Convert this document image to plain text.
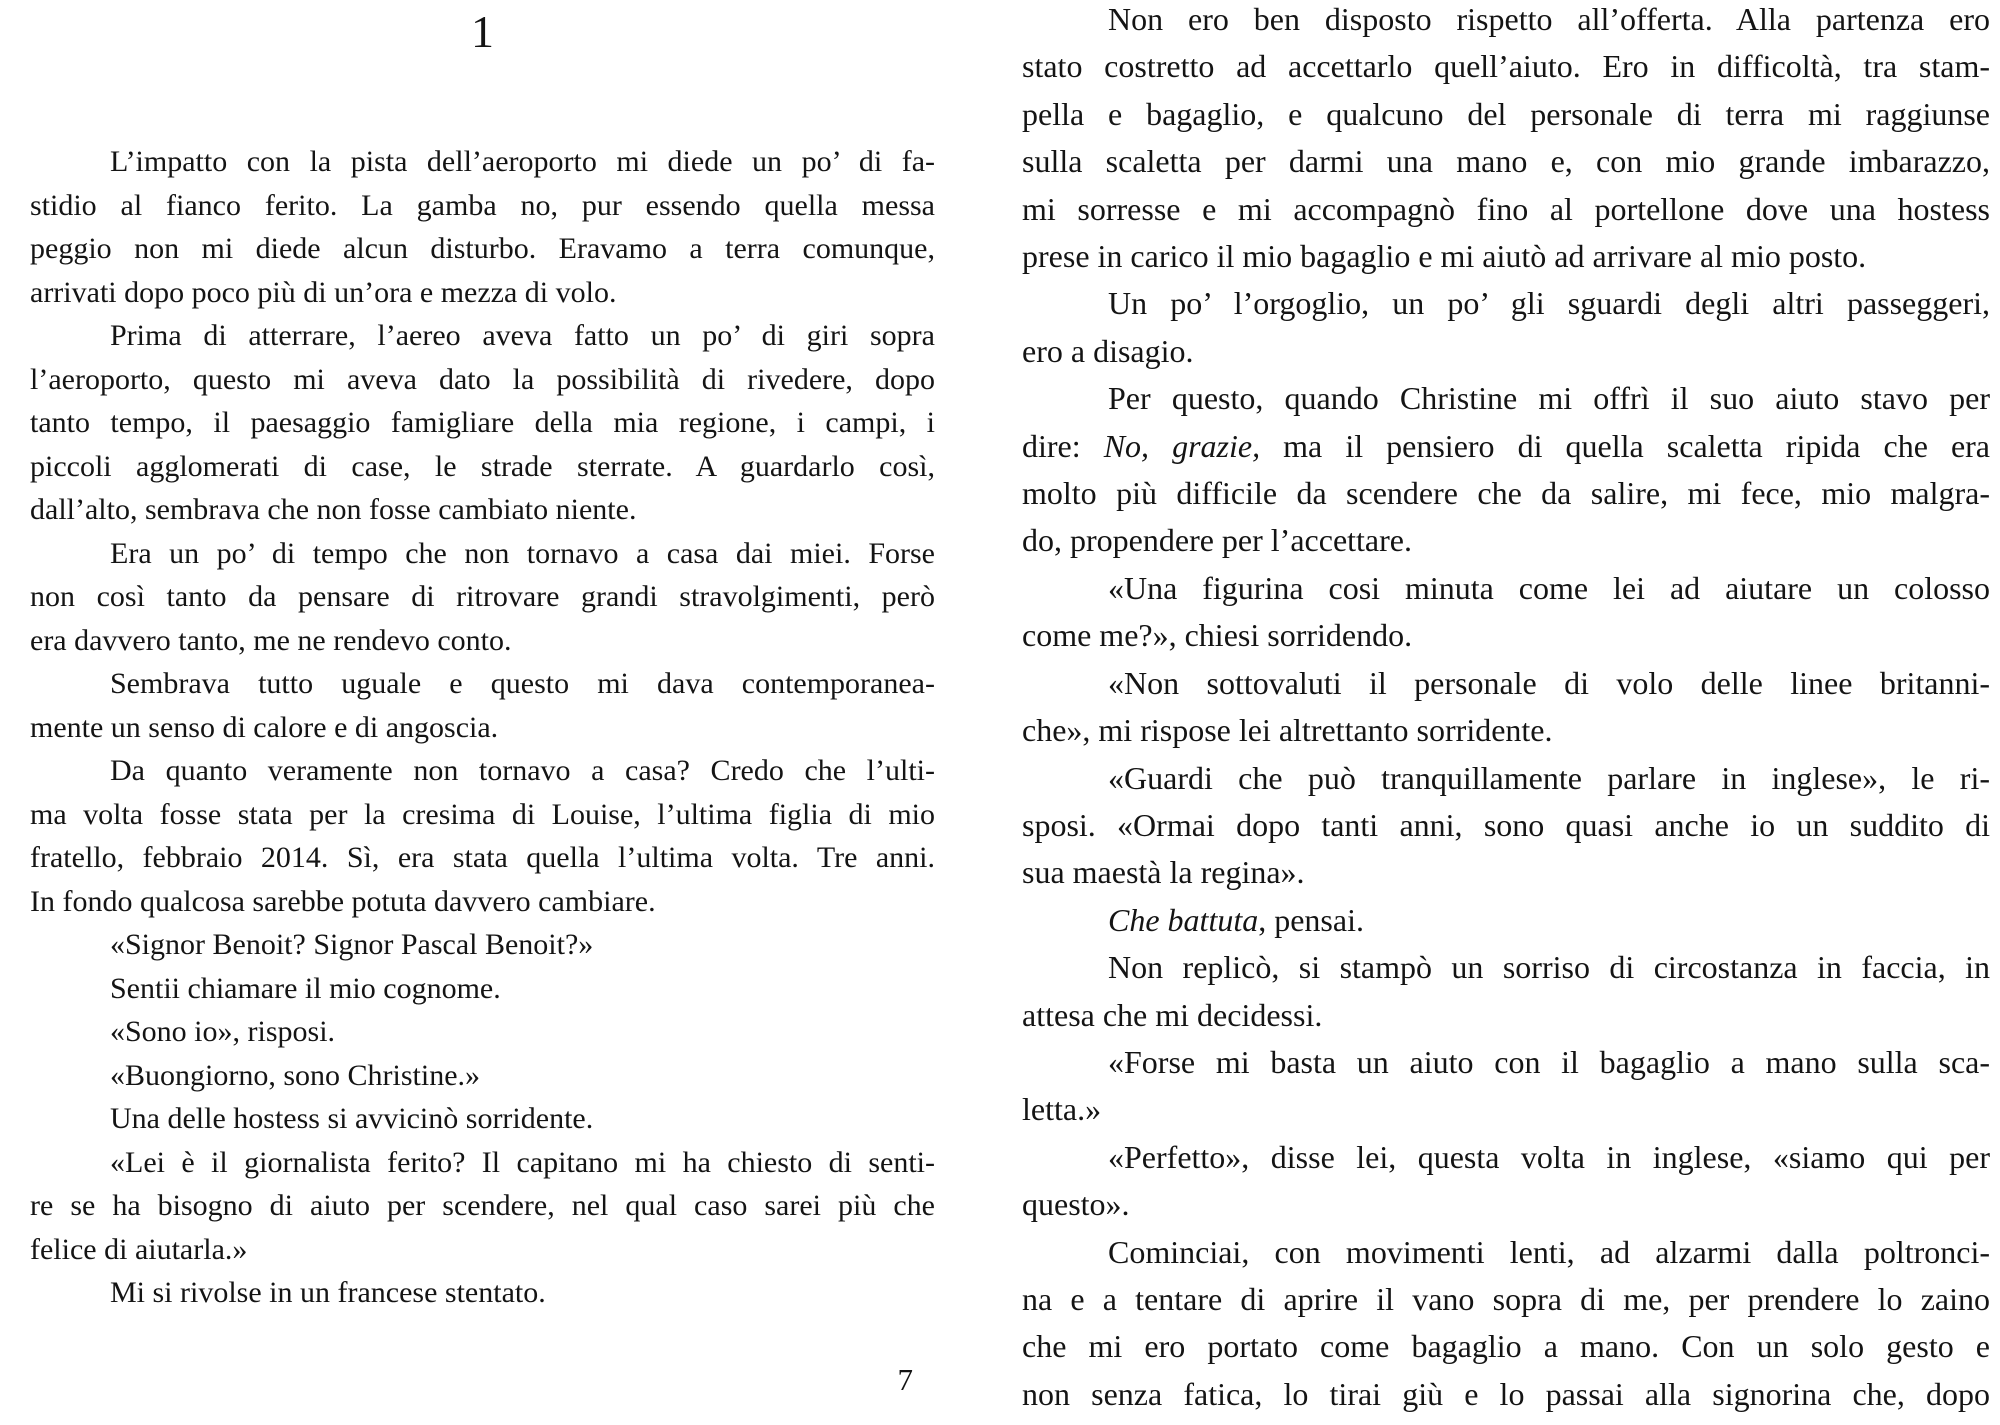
1
L’impatto con la pista dell’aeroporto mi diede un po’ di fa-
stidio al fianco ferito. La gamba no, pur essendo quella messa
peggio non mi diede alcun disturbo. Eravamo a terra comunque,
arrivati dopo poco più di un’ora e mezza di volo.
Prima di atterrare, l’aereo aveva fatto un po’ di giri sopra
l’aeroporto, questo mi aveva dato la possibilità di rivedere, dopo
tanto tempo, il paesaggio famigliare della mia regione, i campi, i
piccoli agglomerati di case, le strade sterrate. A guardarlo così,
dall’alto, sembrava che non fosse cambiato niente.
Era un po’ di tempo che non tornavo a casa dai miei. Forse
non così tanto da pensare di ritrovare grandi stravolgimenti, però
era davvero tanto, me ne rendevo conto.
Sembrava tutto uguale e questo mi dava contemporanea-
mente un senso di calore e di angoscia.
Da quanto veramente non tornavo a casa? Credo che l’ulti-
ma volta fosse stata per la cresima di Louise, l’ultima figlia di mio
fratello, febbraio 2014. Sì, era stata quella l’ultima volta. Tre anni.
In fondo qualcosa sarebbe potuta davvero cambiare.
«Signor Benoit? Signor Pascal Benoit?»
Sentii chiamare il mio cognome.
«Sono io», risposi.
«Buongiorno, sono Christine.»
Una delle hostess si avvicinò sorridente.
«Lei è il giornalista ferito? Il capitano mi ha chiesto di senti-
re se ha bisogno di aiuto per scendere, nel qual caso sarei più che
felice di aiutarla.»
Mi si rivolse in un francese stentato.
Non ero ben disposto rispetto all’offerta. Alla partenza ero
stato costretto ad accettarlo quell’aiuto. Ero in difficoltà, tra stam-
pella e bagaglio, e qualcuno del personale di terra mi raggiunse
sulla scaletta per darmi una mano e, con mio grande imbarazzo,
mi sorresse e mi accompagnò fino al portellone dove una hostess
prese in carico il mio bagaglio e mi aiutò ad arrivare al mio posto.
Un po’ l’orgoglio, un po’ gli sguardi degli altri passeggeri,
ero a disagio.
Per questo, quando Christine mi offrì il suo aiuto stavo per
dire: No, grazie, ma il pensiero di quella scaletta ripida che era
molto più difficile da scendere che da salire, mi fece, mio malgra-
do, propendere per l’accettare.
«Una figurina cosi minuta come lei ad aiutare un colosso
come me?», chiesi sorridendo.
«Non sottovaluti il personale di volo delle linee britanni-
che», mi rispose lei altrettanto sorridente.
«Guardi che può tranquillamente parlare in inglese», le ri-
sposi. «Ormai dopo tanti anni, sono quasi anche io un suddito di
sua maestà la regina».
Che battuta, pensai.
Non replicò, si stampò un sorriso di circostanza in faccia, in
attesa che mi decidessi.
«Forse mi basta un aiuto con il bagaglio a mano sulla sca-
letta.»
«Perfetto», disse lei, questa volta in inglese, «siamo qui per
questo».
Cominciai, con movimenti lenti, ad alzarmi dalla poltronci-
na e a tentare di aprire il vano sopra di me, per prendere lo zaino
che mi ero portato come bagaglio a mano. Con un solo gesto e
non senza fatica, lo tirai giù e lo passai alla signorina che, dopo
7
